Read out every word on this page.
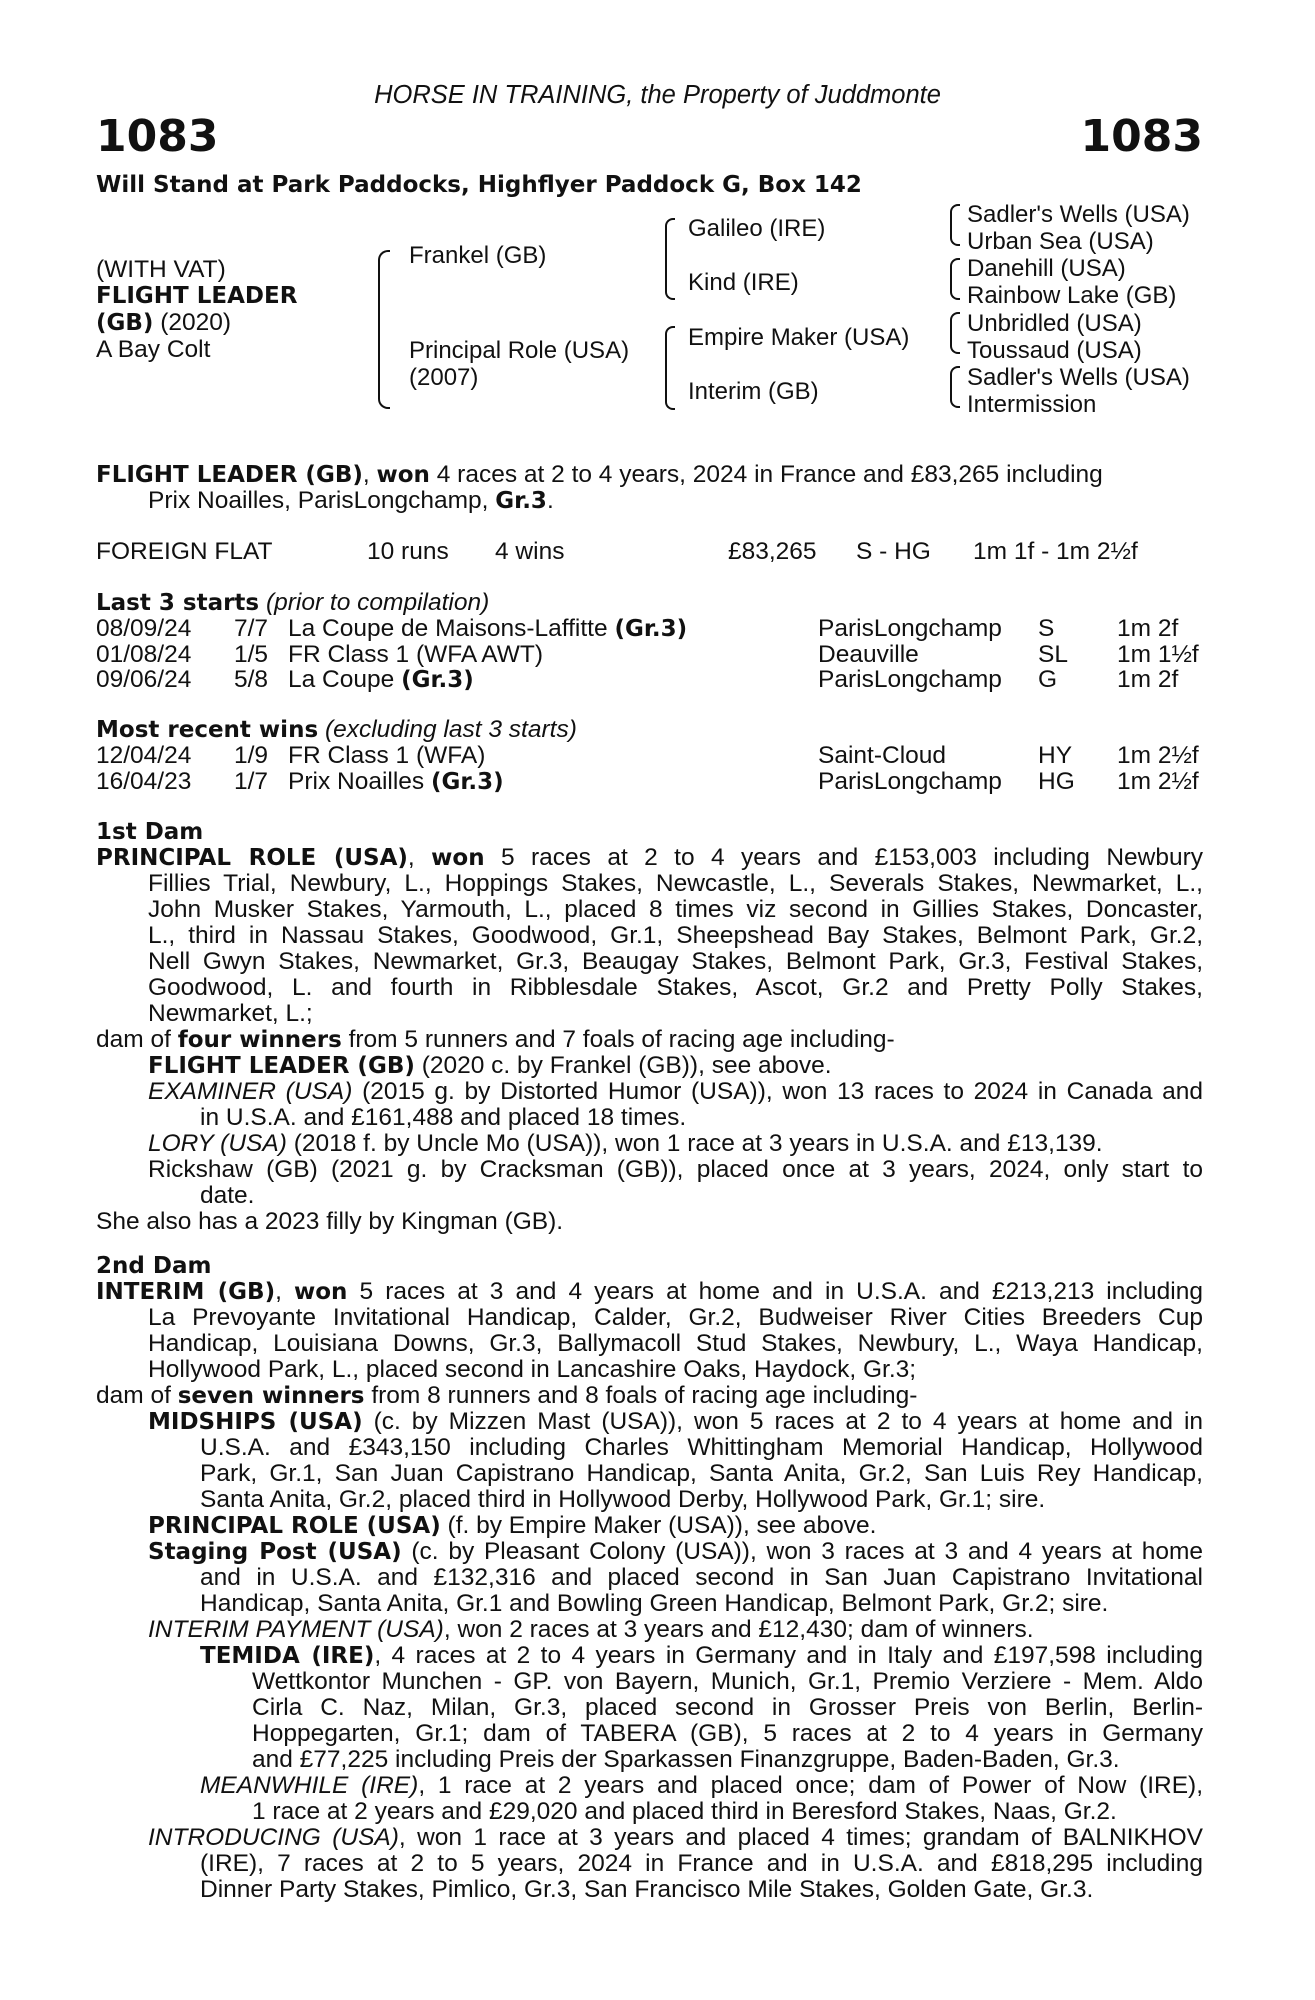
HORSE IN TRAINING, the Property of Juddmonte
1083	1083
Will Stand at Park Paddocks, Highflyer Paddock G, Box 142
(WITH VAT)
FLIGHT LEADER
(GB) (2020)
A Bay Colt
Frankel (GB)
Principal Role (USA)
(2007)
Galileo (IRE)
Kind (IRE)
Empire Maker (USA)
Interim (GB)
Sadler's Wells (USA)
Urban Sea (USA)
Danehill (USA)
Rainbow Lake (GB)
Unbridled (USA)
Toussaud (USA)
Sadler's Wells (USA)
Intermission
FLIGHT LEADER (GB), won 4 races at 2 to 4 years, 2024 in France and £83,265 including
Prix Noailles, ParisLongchamp, Gr.3.
FOREIGN FLAT	10 runs 4 wins	£83,265 S - HG 1m 1f - 1m 2½f
Last 3 starts (prior to compilation)
08/09/24 7/7 La Coupe de Maisons-Laffitte (Gr.3)	ParisLongchamp S	1m 2f
01/08/24 1/5 FR Class 1 (WFA AWT)	Deauville	SL 1m 1½f
09/06/24 5/8 La Coupe (Gr.3)	ParisLongchamp G 1m 2f
Most recent wins (excluding last 3 starts)
12/04/24 1/9 FR Class 1 (WFA)	Saint-Cloud	HY 1m 2½f
16/04/23 1/7 Prix Noailles (Gr.3)	ParisLongchamp HG 1m 2½f
1st Dam
PRINCIPAL ROLE (USA), won 5 races at 2 to 4 years and £153,003 including Newbury
Fillies Trial, Newbury, L., Hoppings Stakes, Newcastle, L., Severals Stakes, Newmarket, L.,
John Musker Stakes, Yarmouth, L., placed 8 times viz second in Gillies Stakes, Doncaster,
L., third in Nassau Stakes, Goodwood, Gr.1, Sheepshead Bay Stakes, Belmont Park, Gr.2,
Nell Gwyn Stakes, Newmarket, Gr.3, Beaugay Stakes, Belmont Park, Gr.3, Festival Stakes,
Goodwood, L. and fourth in Ribblesdale Stakes, Ascot, Gr.2 and Pretty Polly Stakes,
Newmarket, L.;
dam of four winners from 5 runners and 7 foals of racing age including-
FLIGHT LEADER (GB) (2020 c. by Frankel (GB)), see above.
EXAMINER (USA) (2015 g. by Distorted Humor (USA)), won 13 races to 2024 in Canada and
in U.S.A. and £161,488 and placed 18 times.
LORY (USA) (2018 f. by Uncle Mo (USA)), won 1 race at 3 years in U.S.A. and £13,139.
Rickshaw (GB) (2021 g. by Cracksman (GB)), placed once at 3 years, 2024, only start to
date.
She also has a 2023 filly by Kingman (GB).
2nd Dam
INTERIM (GB), won 5 races at 3 and 4 years at home and in U.S.A. and £213,213 including
La Prevoyante Invitational Handicap, Calder, Gr.2, Budweiser River Cities Breeders Cup
Handicap, Louisiana Downs, Gr.3, Ballymacoll Stud Stakes, Newbury, L., Waya Handicap,
Hollywood Park, L., placed second in Lancashire Oaks, Haydock, Gr.3;
dam of seven winners from 8 runners and 8 foals of racing age including-
MIDSHIPS (USA) (c. by Mizzen Mast (USA)), won 5 races at 2 to 4 years at home and in
U.S.A. and £343,150 including Charles Whittingham Memorial Handicap, Hollywood
Park, Gr.1, San Juan Capistrano Handicap, Santa Anita, Gr.2, San Luis Rey Handicap,
Santa Anita, Gr.2, placed third in Hollywood Derby, Hollywood Park, Gr.1; sire.
PRINCIPAL ROLE (USA) (f. by Empire Maker (USA)), see above.
Staging Post (USA) (c. by Pleasant Colony (USA)), won 3 races at 3 and 4 years at home
and in U.S.A. and £132,316 and placed second in San Juan Capistrano Invitational
Handicap, Santa Anita, Gr.1 and Bowling Green Handicap, Belmont Park, Gr.2; sire.
INTERIM PAYMENT (USA), won 2 races at 3 years and £12,430; dam of winners.
TEMIDA (IRE), 4 races at 2 to 4 years in Germany and in Italy and £197,598 including
Wettkontor Munchen - GP. von Bayern, Munich, Gr.1, Premio Verziere - Mem. Aldo
Cirla C. Naz, Milan, Gr.3, placed second in Grosser Preis von Berlin, Berlin-
Hoppegarten, Gr.1; dam of TABERA (GB), 5 races at 2 to 4 years in Germany
and £77,225 including Preis der Sparkassen Finanzgruppe, Baden-Baden, Gr.3.
MEANWHILE (IRE), 1 race at 2 years and placed once; dam of Power of Now (IRE),
1 race at 2 years and £29,020 and placed third in Beresford Stakes, Naas, Gr.2.
INTRODUCING (USA), won 1 race at 3 years and placed 4 times; grandam of BALNIKHOV
(IRE), 7 races at 2 to 5 years, 2024 in France and in U.S.A. and £818,295 including
Dinner Party Stakes, Pimlico, Gr.3, San Francisco Mile Stakes, Golden Gate, Gr.3.
